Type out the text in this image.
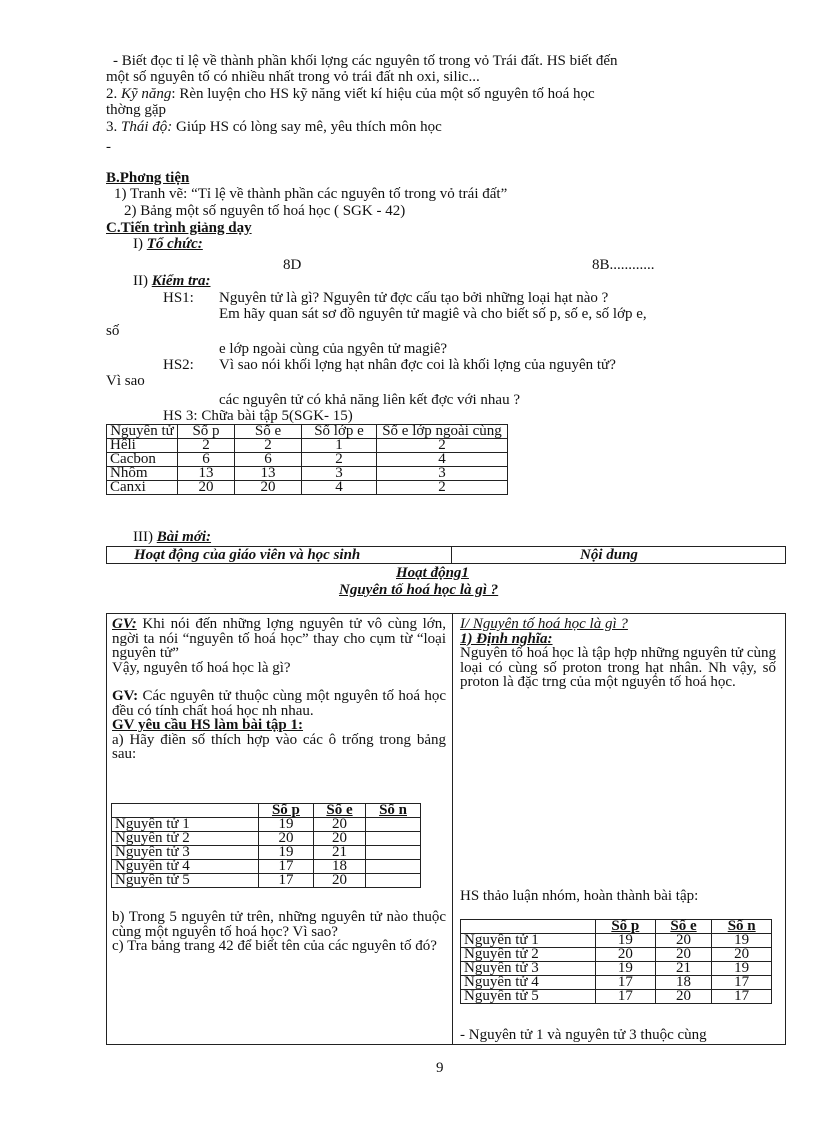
- Biết đọc tỉ lệ về thành phần khối lợng các nguyên tố trong vỏ Trái đất. HS biết đến
một số nguyên tố có nhiều nhất trong vỏ trái đất nh oxi, silic...
2. Kỹ năng: Rèn luyện cho HS kỹ năng viết kí hiệu của một số nguyên tố hoá học
thờng gặp
3. Thái độ: Giúp HS có lòng say mê, yêu thích môn học
-
B.Phơng tiện
1) Tranh vẽ: “Tỉ lệ về thành phần các nguyên tố trong vỏ trái đất”
2) Bảng một số nguyên tố hoá học ( SGK - 42)
C.Tiến trình giảng dạy
I) Tổ chức:
8D	8B............
II) Kiểm tra:
HS1: Nguyên tử là gì? Nguyên tử đợc cấu tạo bởi những loại hạt nào ?
Em hãy quan sát sơ đồ nguyên tử magiê và cho biết số p, số e, số lớp e,
số
e lớp ngoài cùng của ngyên tử magiê?
HS2: Vì sao nói khối lợng hạt nhân đợc coi là khối lợng của nguyên tử?
Vì sao
các nguyên tử có khả năng liên kết đợc với nhau ?
HS 3: Chữa bài tập 5(SGK- 15)
Nguyên tử	Số p	Số e	Số lớp e	Số e lớp ngoài cùng
Hêli	2	2	1	2
Cacbon	6	6	2	4
Nhôm	13	13	3	3
Canxi	20	20	4	2
III) Bài mới:
Hoạt động của giáo viên và học sinh	Nội dung
Hoạt động1
Nguyên tố hoá học là gì ?

GV: Khi nói đến những lợng nguyên tử vô cùng lớn, ngời ta nói “nguyên tố hoá học” thay cho cụm từ “loại nguyên tử”

Vậy, nguyên tố hoá học là gì?

GV: Các nguyên tử thuộc cùng một nguyên tố hoá học đều có tính chất hoá học nh nhau.

GV yêu cầu HS làm bài tập 1:

a) Hãy điền số thích hợp vào các ô trống trong bảng sau:

	Số p	Số e	Số n
Nguyên tử 1	19	20	
Nguyên tử 2	20	20	
Nguyên tử 3	19	21	
Nguyên tử 4	17	18	
Nguyên tử 5	17	20	

b) Trong 5 nguyên tử trên, những nguyên tử nào thuộc cùng một nguyên tố hoá học? Vì sao?

c) Tra bảng trang 42 để biết tên của các nguyên tố đó?

I/ Nguyên tố hoá học là gì ?

1) Định nghĩa:

Nguyên tố hoá học là tập hợp những nguyên tử cùng loại có cùng số proton trong hạt nhân. Nh vậy, số proton là đặc trng của một nguyên tố hoá học.

HS thảo luận nhóm, hoàn thành bài tập:
	Số p	Số e	Số n
Nguyên tử 1	19	20	19
Nguyên tử 2	20	20	20
Nguyên tử 3	19	21	19
Nguyên tử 4	17	18	17
Nguyên tử 5	17	20	17
- Nguyên tử 1 và nguyên tử 3 thuộc cùng
9
